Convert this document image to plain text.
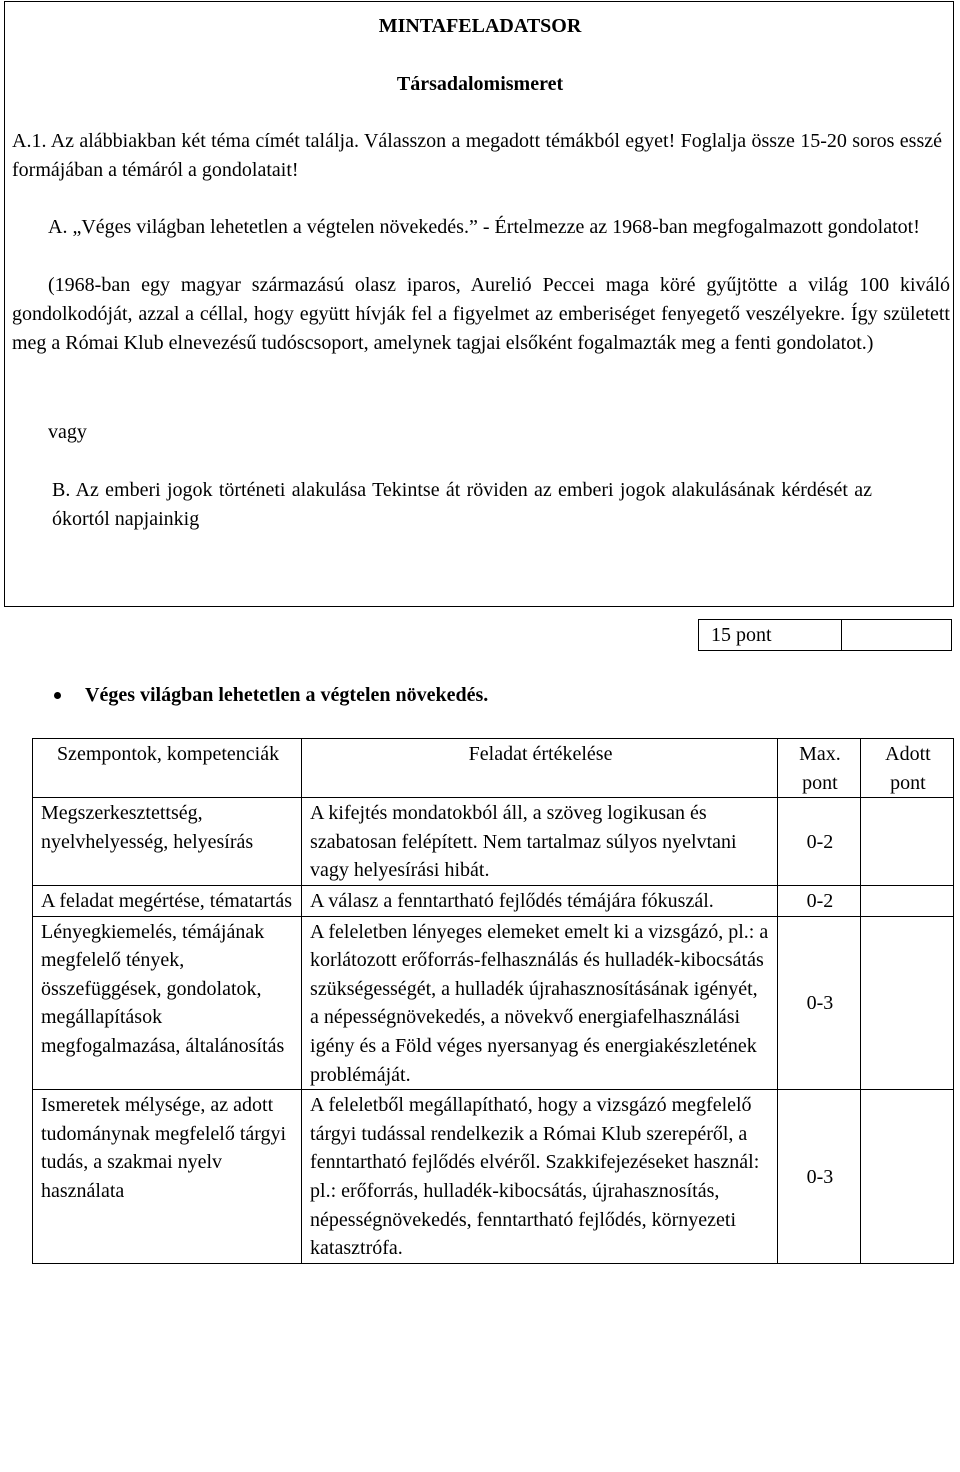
MINTAFELADATSOR
Társadalomismeret
A.1. Az alábbiakban két téma címét találja. Válasszon a megadott témákból egyet! Foglalja össze 15-20 soros esszé formájában a témáról a gondolatait!
A. „Véges világban lehetetlen a végtelen növekedés.” - Értelmezze az 1968-ban megfogalmazott gondolatot!
(1968-ban egy magyar származású olasz iparos, Aurelió Peccei maga köré gyűjtötte a világ 100 kiváló gondolkodóját, azzal a céllal, hogy együtt hívják fel a figyelmet az emberiséget fenyegető veszélyekre. Így született meg a Római Klub elnevezésű tudóscsoport, amelynek tagjai elsőként fogalmazták meg a fenti gondolatot.)
vagy
B. Az emberi jogok történeti alakulása Tekintse át röviden az emberi jogok alakulásának kérdését az ókortól napjainkig
15 pont
Véges világban lehetetlen a végtelen növekedés.
Szempontok, kompetenciák	Feladat értékelése	Max. pont	Adott pont
Megszerkesztettség, nyelvhelyesség, helyesírás	A kifejtés mondatokból áll, a szöveg logikusan és szabatosan felépített. Nem tartalmaz súlyos nyelvtani vagy helyesírási hibát.	0-2	
A feladat megértése, tématartás	A válasz a fenntartható fejlődés témájára fókuszál.	0-2	
Lényegkiemelés, témájának megfelelő tények, összefüggések, gondolatok, megállapítások megfogalmazása, általánosítás	A feleletben lényeges elemeket emelt ki a vizsgázó, pl.: a korlátozott erőforrás-felhasználás és hulladék-kibocsátás szükségességét, a hulladék újrahasznosításának igényét, a népességnövekedés, a növekvő energiafelhasználási igény és a Föld véges nyersanyag és energiakészletének problémáját.	0-3	
Ismeretek mélysége, az adott tudománynak megfelelő tárgyi tudás, a szakmai nyelv használata	A feleletből megállapítható, hogy a vizsgázó megfelelő tárgyi tudással rendelkezik a Római Klub szerepéről, a fenntartható fejlődés elvéről. Szakkifejezéseket használ: pl.: erőforrás, hulladék-kibocsátás, újrahasznosítás, népességnövekedés, fenntartható fejlődés, környezeti katasztrófa.	0-3	
